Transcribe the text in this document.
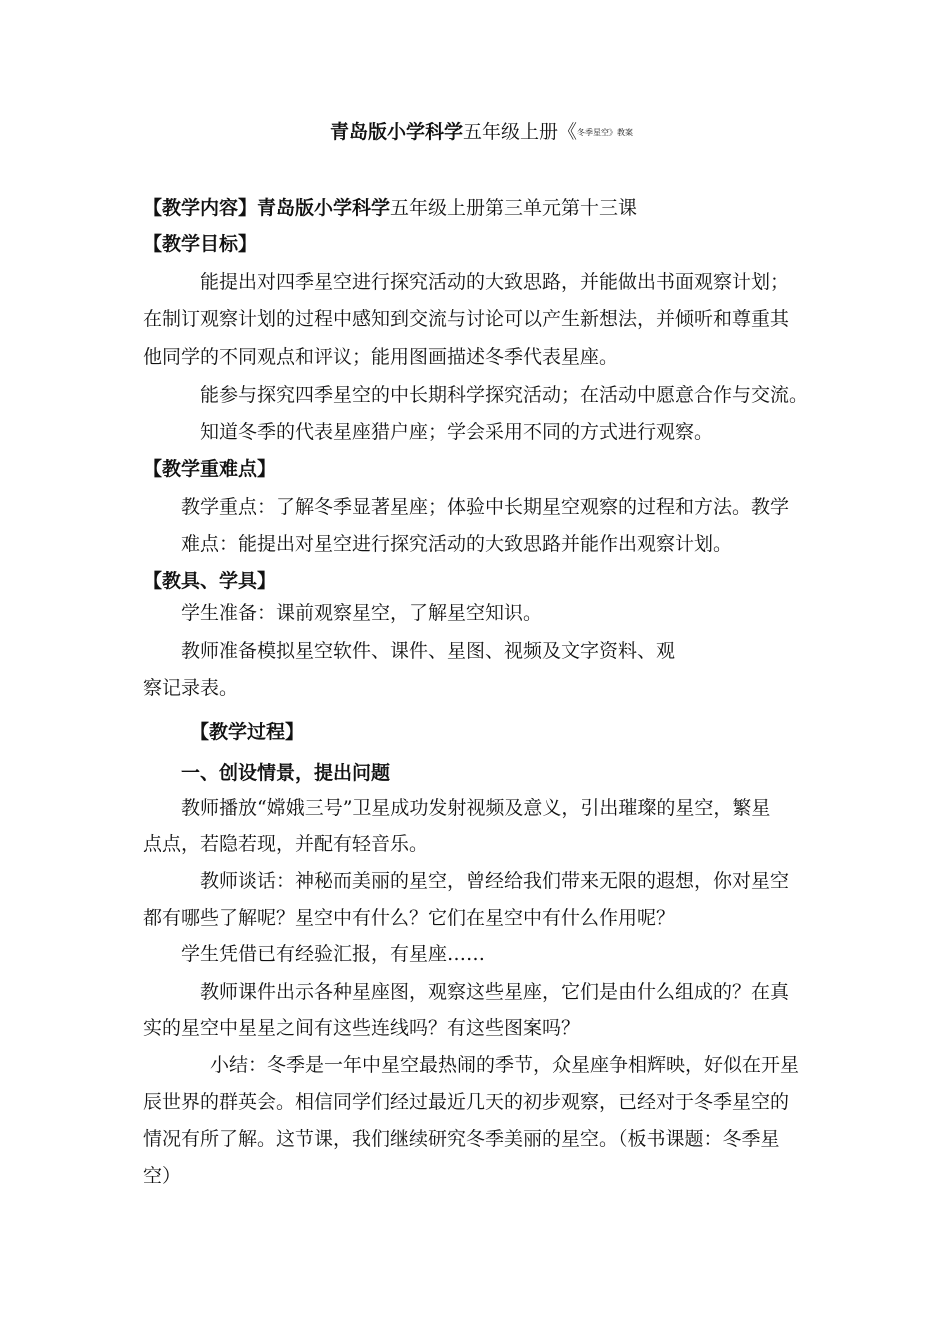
青岛版小学科学五年级上册《冬季星空》教案
【教学内容】青岛版小学科学五年级上册第三单元第十三课
【教学目标】
能提出对四季星空进行探究活动的大致思路，并能做出书面观察计划；
在制订观察计划的过程中感知到交流与讨论可以产生新想法，并倾听和尊重其
他同学的不同观点和评议；能用图画描述冬季代表星座。
能参与探究四季星空的中长期科学探究活动；在活动中愿意合作与交流。
知道冬季的代表星座猎户座；学会采用不同的方式进行观察。
【教学重难点】
教学重点：了解冬季显著星座；体验中长期星空观察的过程和方法。教学
难点：能提出对星空进行探究活动的大致思路并能作出观察计划。
【教具、学具】
学生准备：课前观察星空，了解星空知识。
教师准备模拟星空软件、课件、星图、视频及文字资料、观
察记录表。
【教学过程】
一、创设情景，提出问题
教师播放“嫦娥三号”卫星成功发射视频及意义，引出璀璨的星空，繁星
点点，若隐若现，并配有轻音乐。
教师谈话：神秘而美丽的星空，曾经给我们带来无限的遐想，你对星空
都有哪些了解呢？星空中有什么？它们在星空中有什么作用呢？
学生凭借已有经验汇报，有星座……
教师课件出示各种星座图，观察这些星座，它们是由什么组成的？在真
实的星空中星星之间有这些连线吗？有这些图案吗？
小结：冬季是一年中星空最热闹的季节，众星座争相辉映，好似在开星
辰世界的群英会。相信同学们经过最近几天的初步观察，已经对于冬季星空的
情况有所了解。这节课，我们继续研究冬季美丽的星空。（板书课题：冬季星
空）
